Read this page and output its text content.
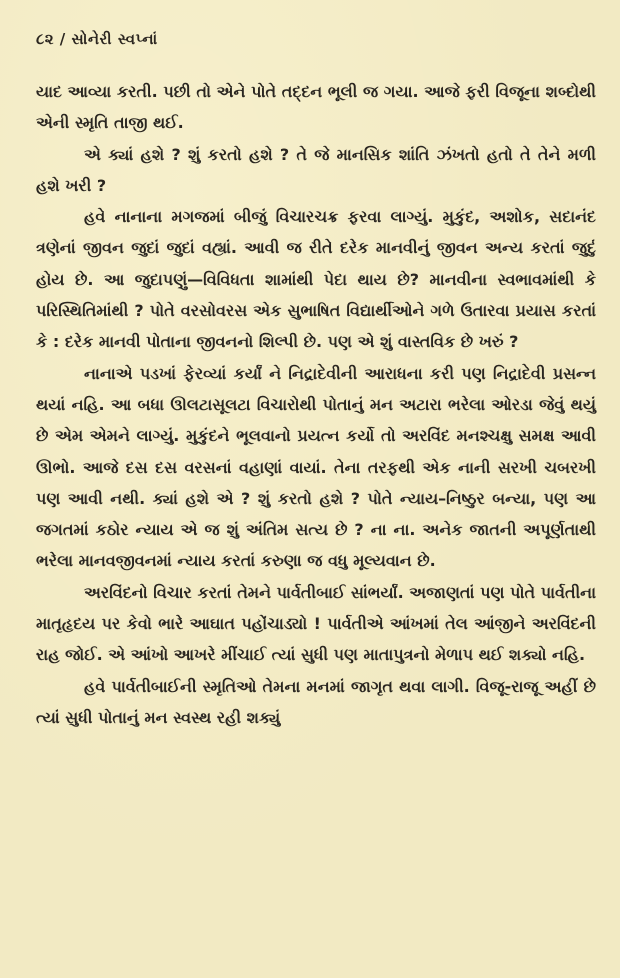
૮૨ / સોનેરી સ્વપ્નાં

યાદ આવ્યા કરતી. પછી તો એને પોતે તદ્દન ભૂલી જ ગયા. આજે ફરી વિજૂના શબ્દોથી એની સ્મૃતિ તાજી થઈ.

એ ક્યાં હશે ? શું કરતો હશે ? તે જે માનસિક શાંતિ ઝંખતો હતો તે તેને મળી હશે ખરી ?

હવે નાનાના મગજમાં બીજું વિચારચક્ર ફરવા લાગ્યું. મુકુંદ, અશોક, સદાનંદ ત્રણેનાં જીવન જુદાં જુદાં વહ્યાં. આવી જ રીતે દરેક માનવીનું જીવન અન્ય કરતાં જુદું હોય છે. આ જુદાપણું—વિવિધતા શામાંથી પેદા થાય છે? માનવીના સ્વભાવમાંથી કે પરિસ્થિતિમાંથી ? પોતે વરસોવરસ એક સુભાષિત વિદ્યાર્થીઓને ગળે ઉતારવા પ્રયાસ કરતાં કે : દરેક માનવી પોતાના જીવનનો શિલ્પી છે. પણ એ શું વાસ્તવિક છે ખરું ?

નાનાએ પડખાં ફેરવ્યાં કર્યાં ને નિદ્રાદેવીની આરાધના કરી પણ નિદ્રાદેવી પ્રસન્ન થયાં નહિ. આ બધા ઊલટાસૂલટા વિચારોથી પોતાનું મન અટારા ભરેલા ઓરડા જેવું થયું છે એમ એમને લાગ્યું. મુકુંદને ભૂલવાનો પ્રયત્ન કર્યો તો અરવિંદ મનશ્ચક્ષુ સમક્ષ આવી ઊભો. આજે દસ દસ વરસનાં વહાણાં વાયાં. તેના તરફથી એક નાની સરખી ચબરખી પણ આવી નથી. ક્યાં હશે એ ? શું કરતો હશે ? પોતે ન્યાય–નિષ્ઠુર બન્યા, પણ આ જગતમાં કઠોર ન્યાય એ જ શું અંતિમ સત્ય છે ? ના ના. અનેક જાતની અપૂર્ણતાથી ભરેલા માનવજીવનમાં ન્યાય કરતાં કરુણા જ વધુ મૂલ્યવાન છે.

અરવિંદનો વિચાર કરતાં તેમને પાર્વતીબાઈ સાંભર્યાં. અજાણતાં પણ પોતે પાર્વતીના માતૃહૃદય પર કેવો ભારે આઘાત પહોંચાડ્યો ! પાર્વતીએ આંખમાં તેલ આંજીને અરવિંદની રાહ જોઈ. એ આંખો આખરે મીંચાઈ ત્યાં સુધી પણ માતાપુત્રનો મેળાપ થઈ શક્યો નહિ.

હવે પાર્વતીબાઈની સ્મૃતિઓ તેમના મનમાં જાગૃત થવા લાગી. વિજૂ-રાજૂ અહીં છે ત્યાં સુધી પોતાનું મન સ્વસ્થ રહી શક્યું
